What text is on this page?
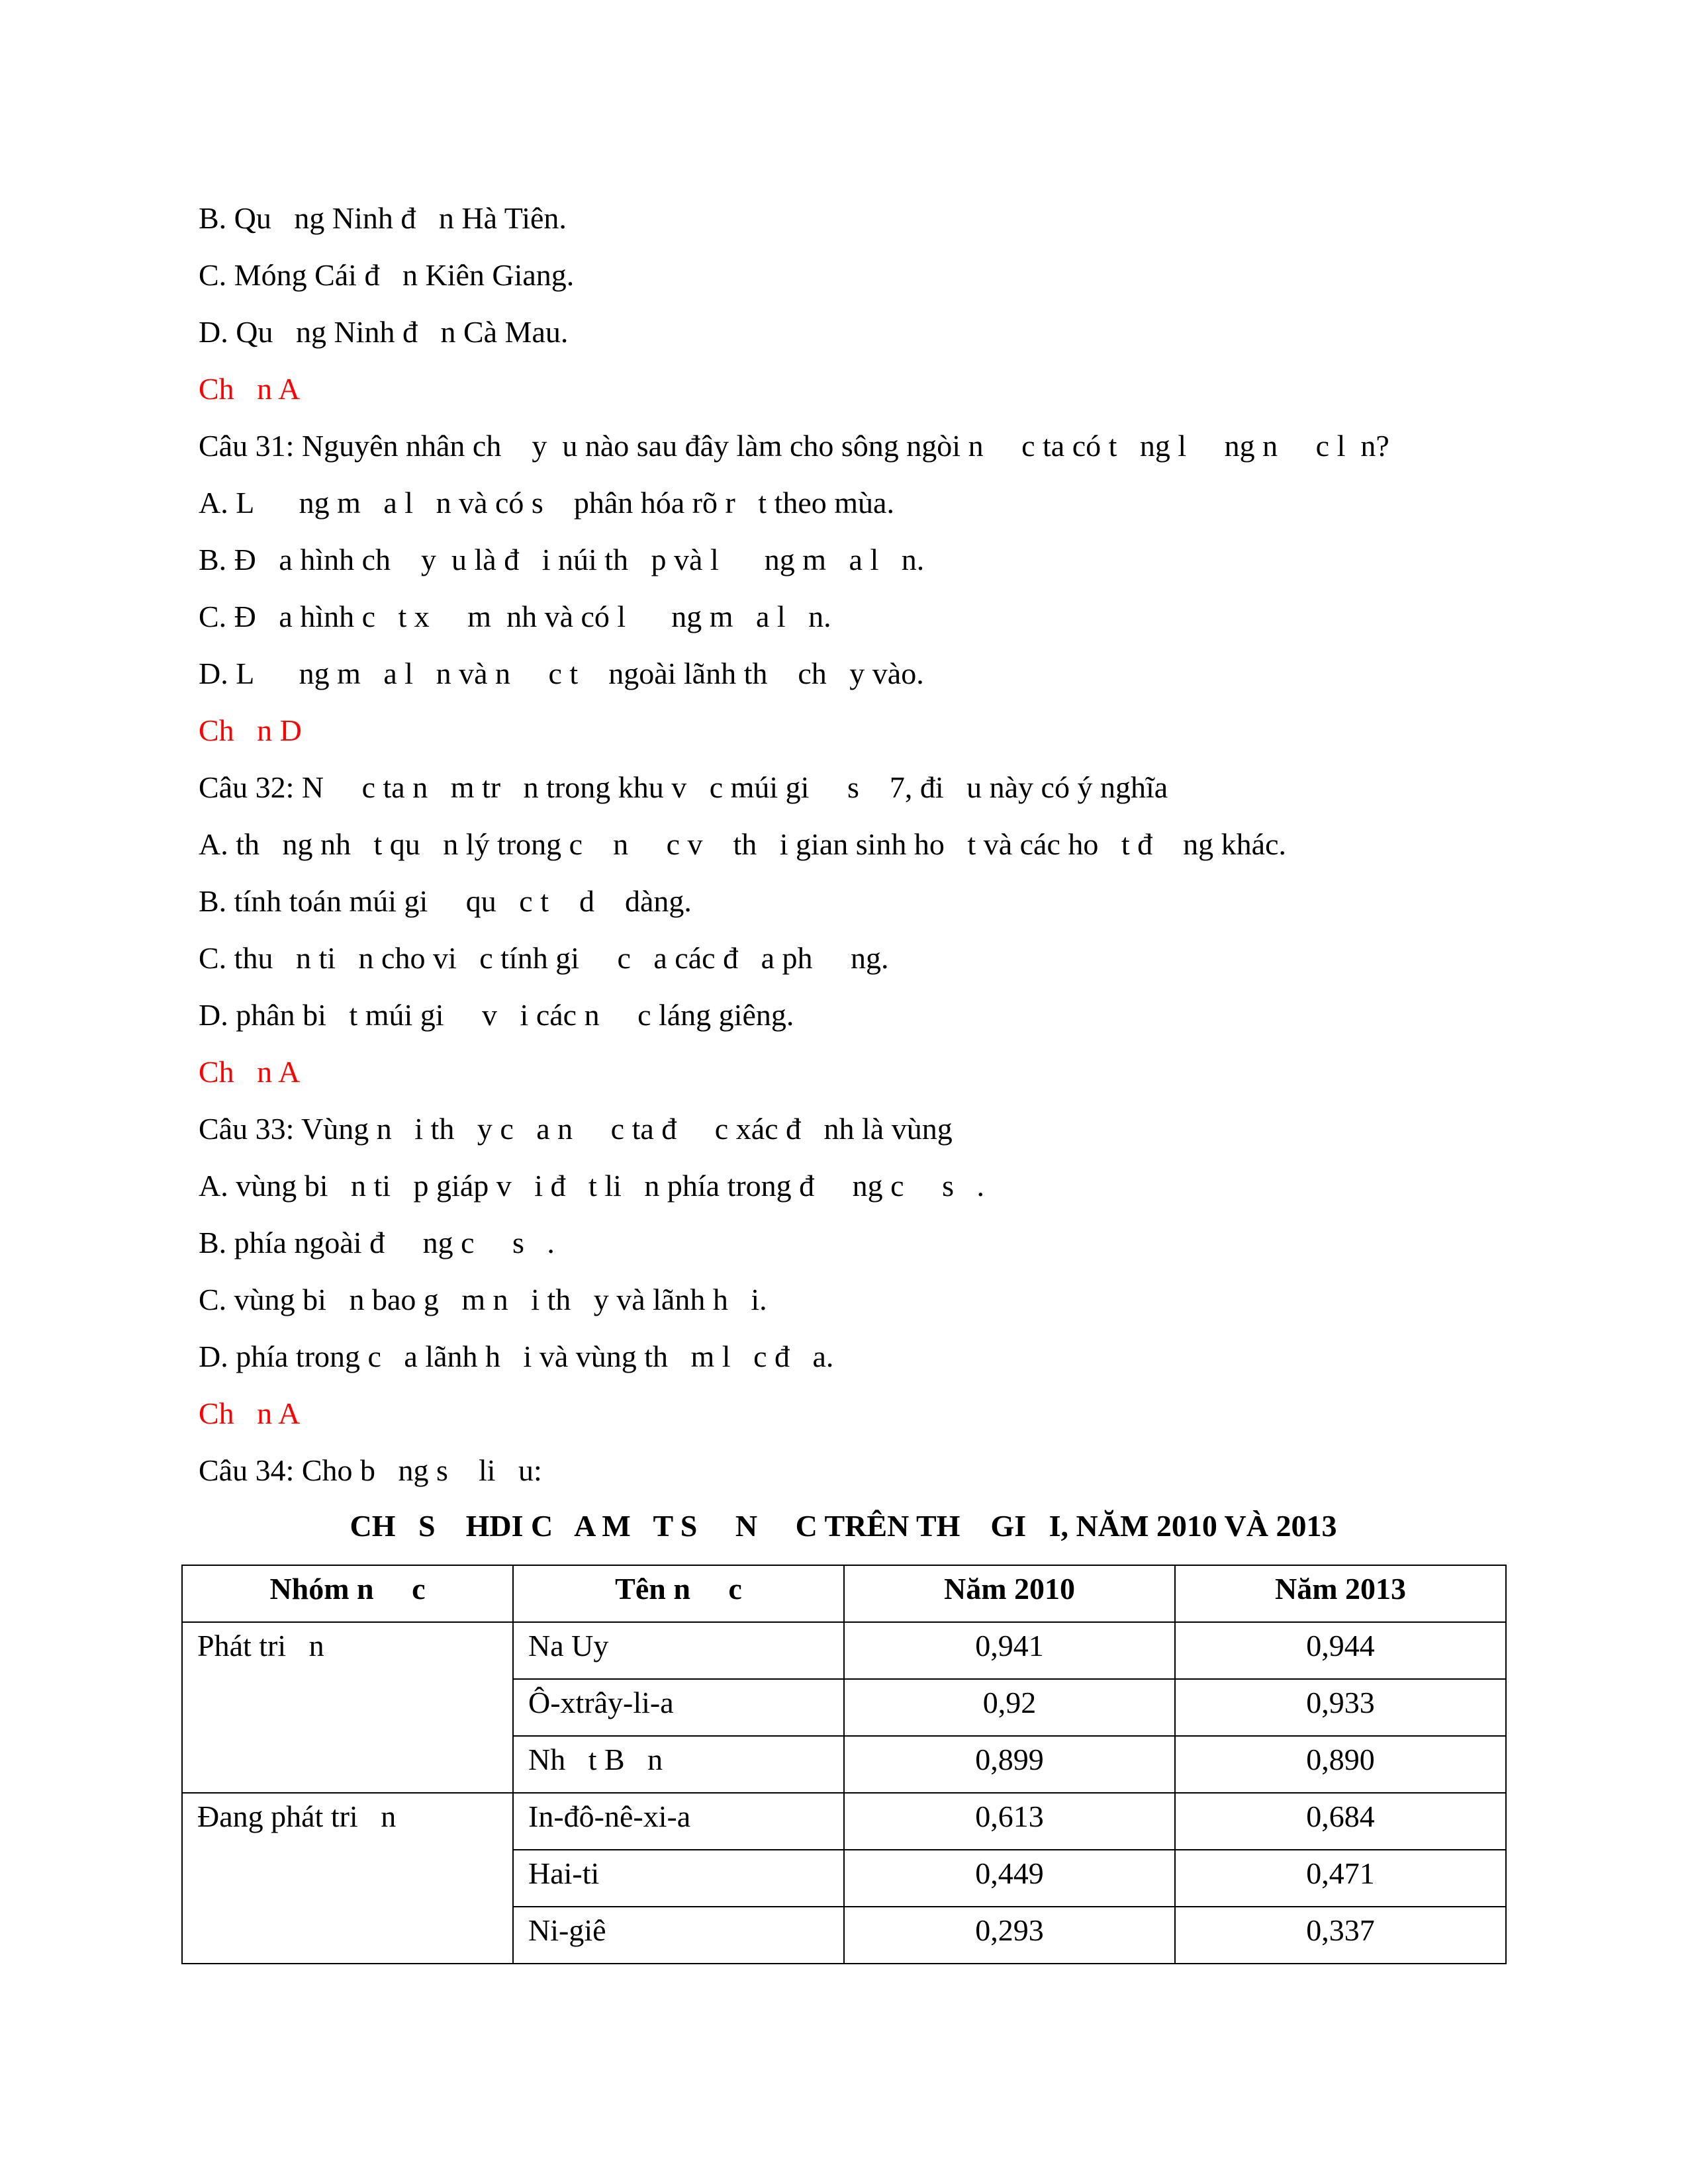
B. Qu   ng Ninh đ   n Hà Tiên.
C. Móng Cái đ   n Kiên Giang.
D. Qu   ng Ninh đ   n Cà Mau.
Ch   n A
Câu 31: Nguyên nhân ch    y  u nào sau đây làm cho sông ngòi n     c ta có t   ng l     ng n     c l  n?
A. L      ng m   a l   n và có s    phân hóa rõ r   t theo mùa.
B. Đ   a hình ch    y  u là đ   i núi th   p và l      ng m   a l   n.
C. Đ   a hình c   t x     m  nh và có l      ng m   a l   n.
D. L      ng m   a l   n và n     c t    ngoài lãnh th    ch   y vào.
Ch   n D
Câu 32: N     c ta n   m tr   n trong khu v   c múi gi     s    7, đi   u này có ý nghĩa
A. th   ng nh   t qu   n lý trong c    n     c v    th   i gian sinh ho   t và các ho   t đ    ng khác.
B. tính toán múi gi     qu   c t    d    dàng.
C. thu   n ti   n cho vi   c tính gi     c   a các đ   a ph     ng.
D. phân bi   t múi gi     v   i các n     c láng giêng.
Ch   n A
Câu 33: Vùng n   i th   y c   a n     c ta đ     c xác đ   nh là vùng
A. vùng bi   n ti   p giáp v   i đ   t li   n phía trong đ     ng c     s   .
B. phía ngoài đ     ng c     s   .
C. vùng bi   n bao g   m n   i th   y và lãnh h   i.
D. phía trong c   a lãnh h   i và vùng th   m l   c đ   a.
Ch   n A
Câu 34: Cho b   ng s    li   u:
CH   S    HDI C   A M   T S     N     C TRÊN TH    GI   I, NĂM 2010 VÀ 2013
Nhóm n     c	Tên n     c	Năm 2010	Năm 2013
Phát tri   n	Na Uy	0,941	0,944
	Ô-xtrây-li-a	0,92	0,933
	Nh   t B   n	0,899	0,890
Đang phát tri   n	In-đô-nê-xi-a	0,613	0,684
	Hai-ti	0,449	0,471
	Ni-giê	0,293	0,337
